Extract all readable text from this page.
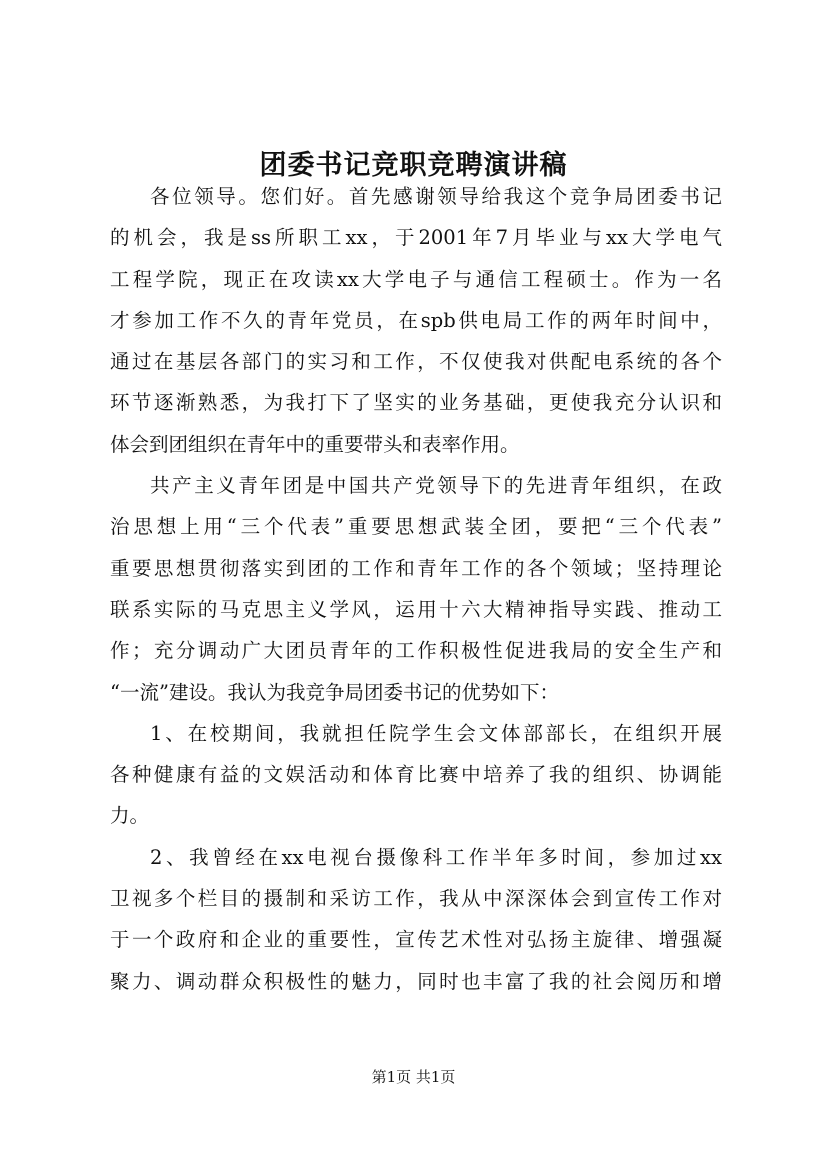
团委书记竞职竞聘演讲稿
各位领导。您们好。首先感谢领导给我这个竞争局团委书记
的机会，我是ss所职工xx，于2001年7月毕业与xx大学电气
工程学院，现正在攻读xx大学电子与通信工程硕士。作为一名
才参加工作不久的青年党员，在spb供电局工作的两年时间中，
通过在基层各部门的实习和工作，不仅使我对供配电系统的各个
环节逐渐熟悉，为我打下了坚实的业务基础，更使我充分认识和
体会到团组织在青年中的重要带头和表率作用。
共产主义青年团是中国共产党领导下的先进青年组织，在政
治思想上用“三个代表”重要思想武装全团，要把“三个代表”
重要思想贯彻落实到团的工作和青年工作的各个领域；坚持理论
联系实际的马克思主义学风，运用十六大精神指导实践、推动工
作；充分调动广大团员青年的工作积极性促进我局的安全生产和
“一流”建设。我认为我竞争局团委书记的优势如下：
1、在校期间，我就担任院学生会文体部部长，在组织开展
各种健康有益的文娱活动和体育比赛中培养了我的组织、协调能
力。
2、我曾经在xx电视台摄像科工作半年多时间，参加过xx
卫视多个栏目的摄制和采访工作，我从中深深体会到宣传工作对
于一个政府和企业的重要性，宣传艺术性对弘扬主旋律、增强凝
聚力、调动群众积极性的魅力，同时也丰富了我的社会阅历和增
第1页 共1页
